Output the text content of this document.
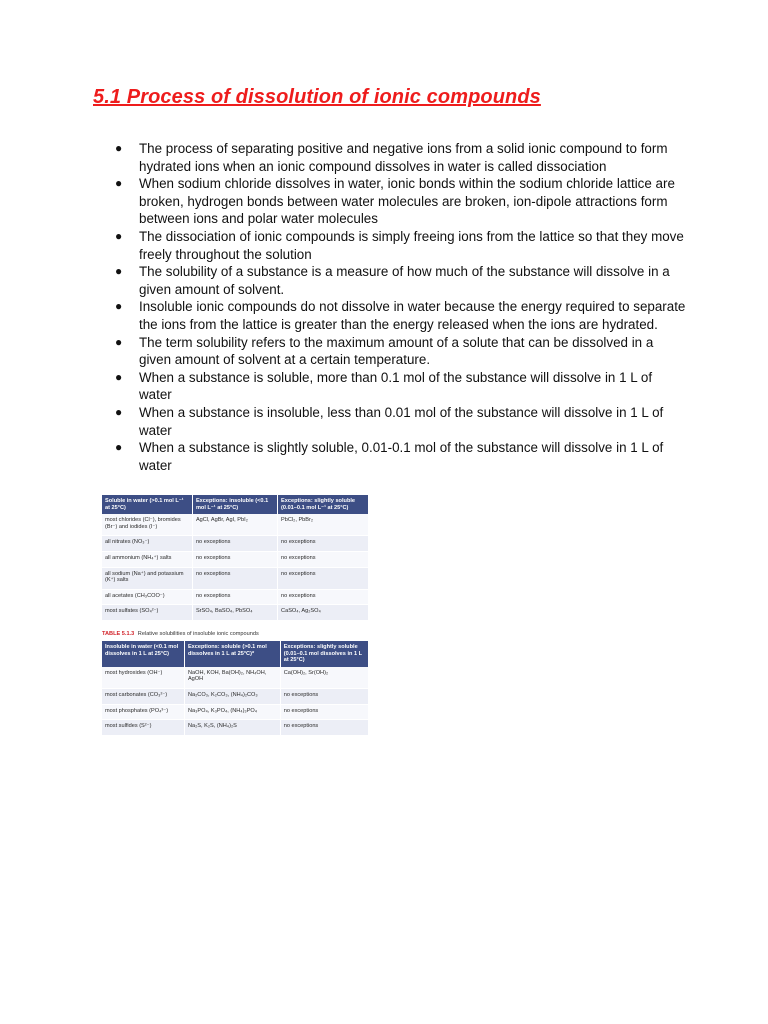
5.1 Process of dissolution of ionic compounds
● The process of separating positive and negative ions from a solid ionic compound to form hydrated ions when an ionic compound dissolves in water is called dissociation
● When sodium chloride dissolves in water, ionic bonds within the sodium chloride lattice are broken, hydrogen bonds between water molecules are broken, ion-dipole attractions form between ions and polar water molecules
● The dissociation of ionic compounds is simply freeing ions from the lattice so that they move freely throughout the solution
● The solubility of a substance is a measure of how much of the substance will dissolve in a given amount of solvent.
● Insoluble ionic compounds do not dissolve in water because the energy required to separate the ions from the lattice is greater than the energy released when the ions are hydrated.
● The term solubility refers to the maximum amount of a solute that can be dissolved in a given amount of solvent at a certain temperature.
● When a substance is soluble, more than 0.1 mol of the substance will dissolve in 1 L of water
● When a substance is insoluble, less than 0.01 mol of the substance will dissolve in 1 L of water
● When a substance is slightly soluble, 0.01-0.1 mol of the substance will dissolve in 1 L of water
Soluble in water (>0.1 mol L⁻¹ at 25°C)	Exceptions: insoluble (<0.1 mol L⁻¹ at 25°C)	Exceptions: slightly soluble (0.01–0.1 mol L⁻¹ at 25°C)
most chlorides (Cl⁻), bromides (Br⁻) and iodides (I⁻)	AgCl, AgBr, AgI, PbI₂	PbCl₂, PbBr₂
all nitrates (NO₃⁻)	no exceptions	no exceptions
all ammonium (NH₄⁺) salts	no exceptions	no exceptions
all sodium (Na⁺) and potassium (K⁺) salts	no exceptions	no exceptions
all acetates (CH₃COO⁻)	no exceptions	no exceptions
most sulfates (SO₄²⁻)	SrSO₄, BaSO₄, PbSO₄	CaSO₄, Ag₂SO₄
TABLE 5.1.3 Relative solubilities of insoluble ionic compounds
Insoluble in water (<0.1 mol dissolves in 1 L at 25°C)	Exceptions: soluble (>0.1 mol dissolves in 1 L at 25°C)*	Exceptions: slightly soluble (0.01–0.1 mol dissolves in 1 L at 25°C)
most hydroxides (OH⁻)	NaOH, KOH, Ba(OH)₂, NH₄OH, AgOH	Ca(OH)₂, Sr(OH)₂
most carbonates (CO₃²⁻)	Na₂CO₃, K₂CO₃, (NH₄)₂CO₃	no exceptions
most phosphates (PO₄³⁻)	Na₃PO₄, K₃PO₄, (NH₄)₃PO₄	no exceptions
most sulfides (S²⁻)	Na₂S, K₂S, (NH₄)₂S	no exceptions
